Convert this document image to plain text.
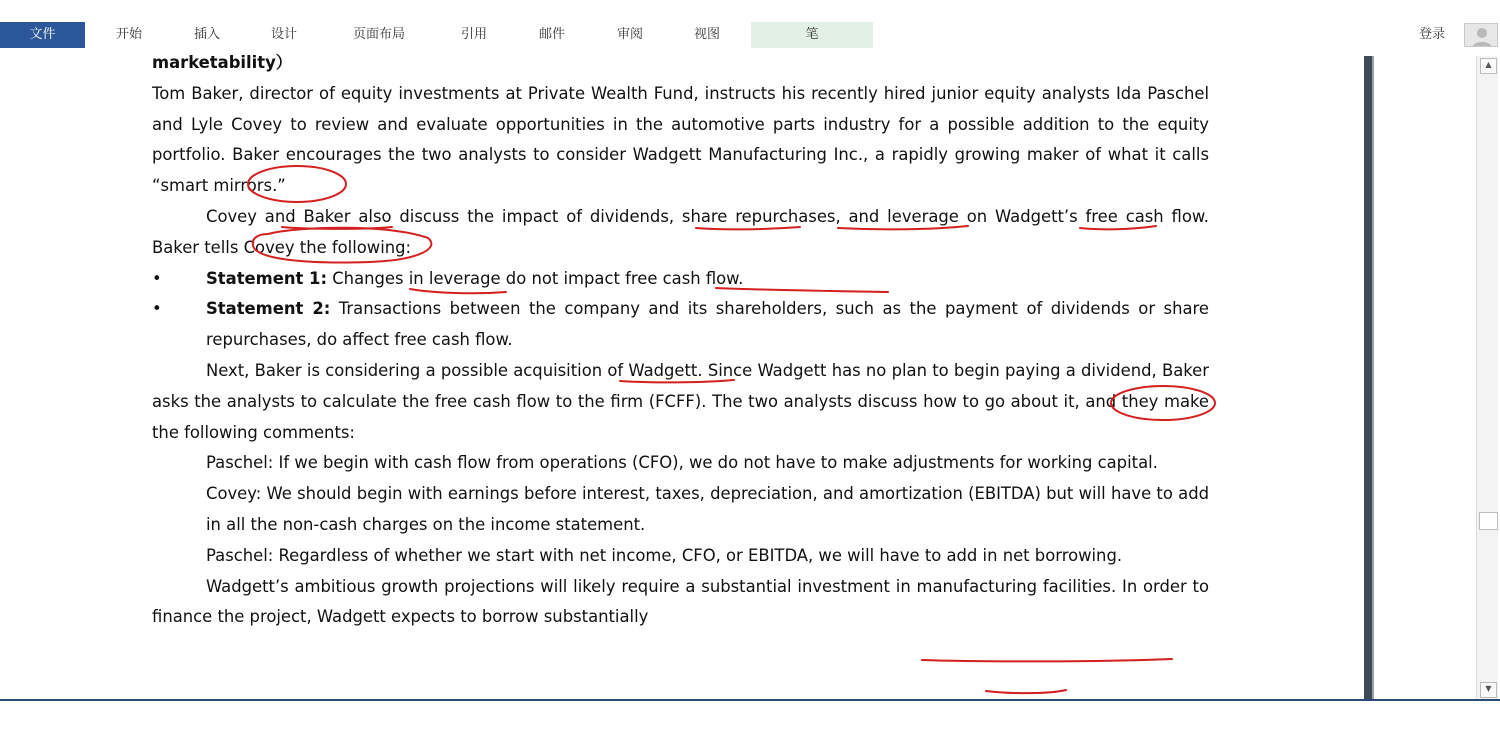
文件	开始	插入	设计	页面布局	引用	邮件	审阅	视图	笔	登录

marketability）

Tom Baker, director of equity investments at Private Wealth Fund, instructs his recently hired junior equity analysts Ida Paschel and Lyle Covey to review and evaluate opportunities in the automotive parts industry for a possible addition to the equity portfolio. Baker encourages the two analysts to consider Wadgett Manufacturing Inc., a rapidly growing maker of what it calls “smart mirrors.”

Covey and Baker also discuss the impact of dividends, share repurchases, and leverage on Wadgett’s free cash flow. Baker tells Covey the following:

•	Statement 1: Changes in leverage do not impact free cash flow.

•	Statement 2: Transactions between the company and its shareholders, such as the payment of dividends or share repurchases, do affect free cash flow.

Next, Baker is considering a possible acquisition of Wadgett. Since Wadgett has no plan to begin paying a dividend, Baker asks the analysts to calculate the free cash flow to the firm (FCFF). The two analysts discuss how to go about it, and they make the following comments:

Paschel: If we begin with cash flow from operations (CFO), we do not have to make adjustments for working capital.

Covey: We should begin with earnings before interest, taxes, depreciation, and amortization (EBITDA) but will have to add in all the non-cash charges on the income statement.

Paschel: Regardless of whether we start with net income, CFO, or EBITDA, we will have to add in net borrowing.

Wadgett’s ambitious growth projections will likely require a substantial investment in manufacturing facilities. In order to finance the project, Wadgett expects to borrow substantially

▲
▼
